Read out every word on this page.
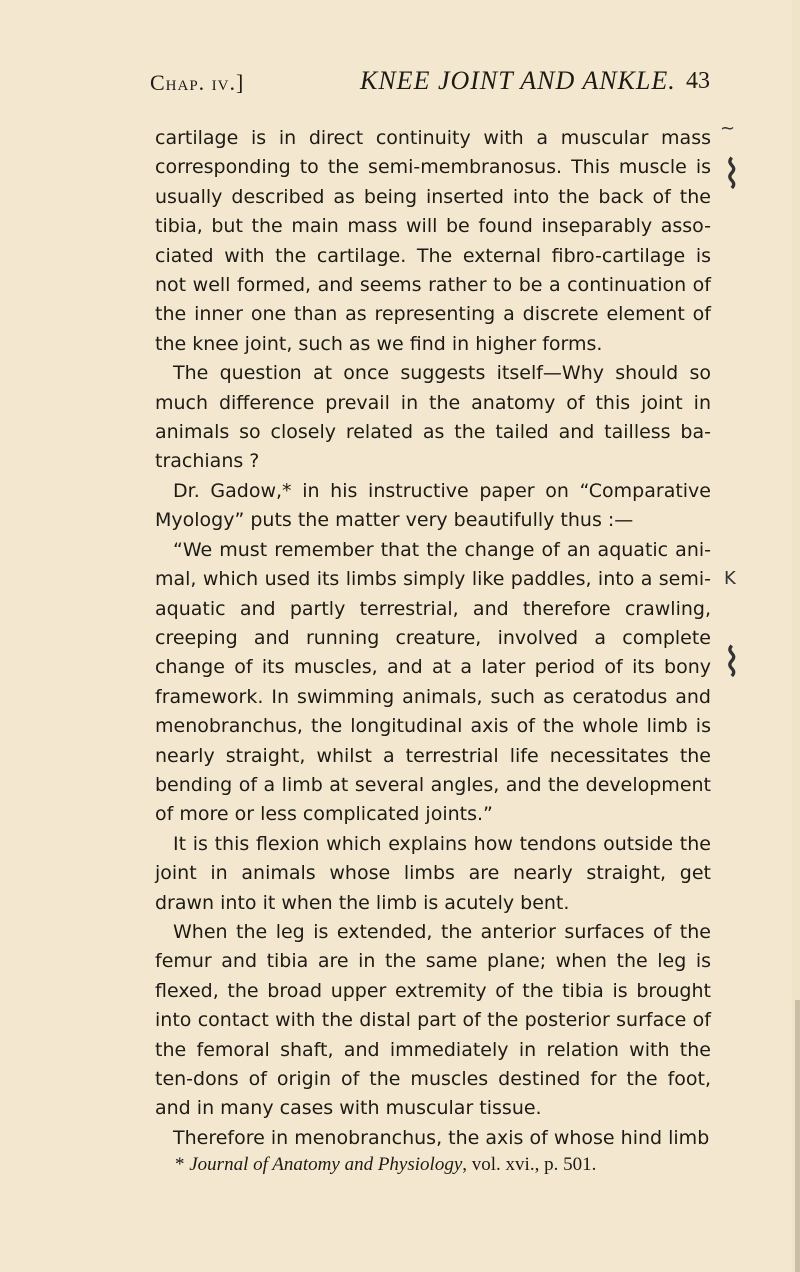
Chap. iv.]	KNEE JOINT AND ANKLE. 43

cartilage is in direct continuity with a muscular mass corresponding to the semi-membranosus. This muscle is usually described as being inserted into the back of the tibia, but the main mass will be found inseparably asso-ciated with the cartilage. The external fibro-cartilage is not well formed, and seems rather to be a continuation of the inner one than as representing a discrete element of the knee joint, such as we find in higher forms.

The question at once suggests itself—Why should so much difference prevail in the anatomy of this joint in animals so closely related as the tailed and tailless ba-trachians ?

Dr. Gadow,* in his instructive paper on “Comparative Myology” puts the matter very beautifully thus :—

“We must remember that the change of an aquatic ani-mal, which used its limbs simply like paddles, into a semi-aquatic and partly terrestrial, and therefore crawling, creeping and running creature, involved a complete change of its muscles, and at a later period of its bony framework. In swimming animals, such as ceratodus and menobranchus, the longitudinal axis of the whole limb is nearly straight, whilst a terrestrial life necessitates the bending of a limb at several angles, and the development of more or less complicated joints.”

It is this flexion which explains how tendons outside the joint in animals whose limbs are nearly straight, get drawn into it when the limb is acutely bent.

When the leg is extended, the anterior surfaces of the femur and tibia are in the same plane; when the leg is flexed, the broad upper extremity of the tibia is brought into contact with the distal part of the posterior surface of the femoral shaft, and immediately in relation with the ten-dons of origin of the muscles destined for the foot, and in many cases with muscular tissue.

Therefore in menobranchus, the axis of whose hind limb

* Journal of Anatomy and Physiology, vol. xvi., p. 501.
~
⌇
⌇
K
